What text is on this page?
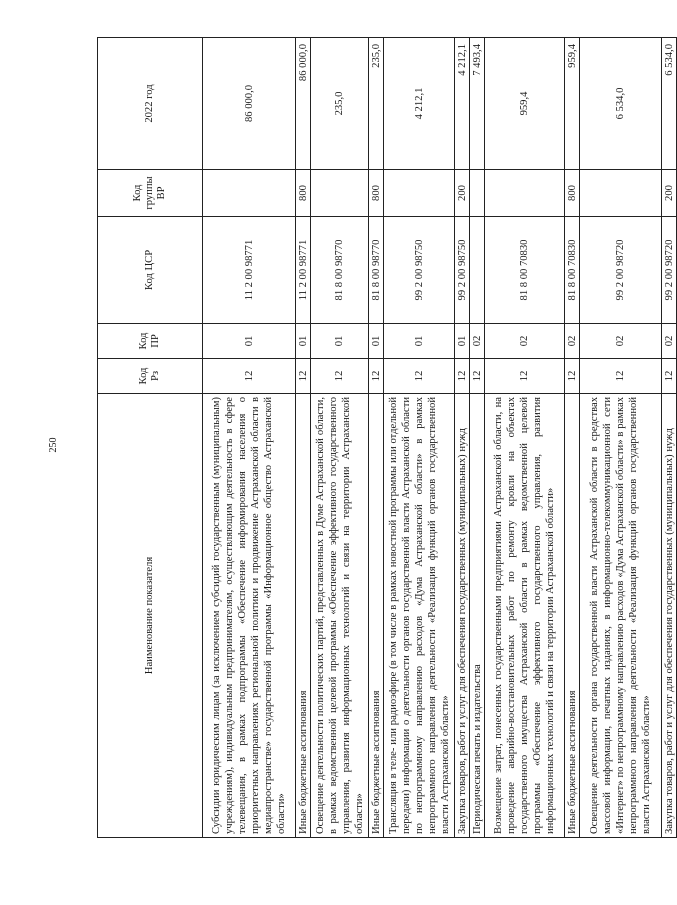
250
Наименование показателя	Код Рз	Код ПР	Код ЦСР	Код группы ВР	2022 год
Субсидии юридическим лицам (за исключением субсидий государственным (муниципальным) учреждениям), индивидуальным предпринимателям, осуществляющим деятельность в сфере телевещания, в рамках подпрограммы «Обеспечение информирования населения о приоритетных направлениях региональной политики и продвижение Астраханской области в медиапространстве» государственной программы «Информационное общество Астраханской области»	12	01	11 2 00 98771		86 000,0
Иные бюджетные ассигнования	12	01	11 2 00 98771	800	86 000,0
Освещение деятельности политических партий, представленных в Думе Астраханской области, в рамках ведомственной целевой программы «Обеспечение эффективного государственного управления, развития информационных технологий и связи на территории Астраханской области»	12	01	81 8 00 98770		235,0
Иные бюджетные ассигнования	12	01	81 8 00 98770	800	235,0
Трансляция в теле- или радиоэфире (в том числе в рамках новостной программы или отдельной передачи) информации о деятельности органов государственной власти Астраханской области по непрограммному направлению расходов «Дума Астраханской области» в рамках непрограммного направления деятельности «Реализация функций органов государственной власти Астраханской области»	12	01	99 2 00 98750		4 212,1
Закупка товаров, работ и услуг для обеспечения государственных (муниципальных) нужд	12	01	99 2 00 98750	200	4 212,1
Периодическая печать и издательства	12	02			7 493,4
Возмещение затрат, понесенных государственными предприятиями Астраханской области, на проведение аварийно-восстановительных работ по ремонту кровли на объектах государственного имущества Астраханской области в рамках ведомственной целевой программы «Обеспечение эффективного государственного управления, развития информационных технологий и связи на территории Астраханской области»	12	02	81 8 00 70830		959,4
Иные бюджетные ассигнования	12	02	81 8 00 70830	800	959,4
Освещение деятельности органа государственной власти Астраханской области в средствах массовой информации, печатных изданиях, в информационно-телекоммуникационной сети «Интернет» по непрограммному направлению расходов «Дума Астраханской области» в рамках непрограммного направления деятельности «Реализация функций органов государственной власти Астраханской области»	12	02	99 2 00 98720		6 534,0
Закупка товаров, работ и услуг для обеспечения государственных (муниципальных) нужд	12	02	99 2 00 98720	200	6 534,0
